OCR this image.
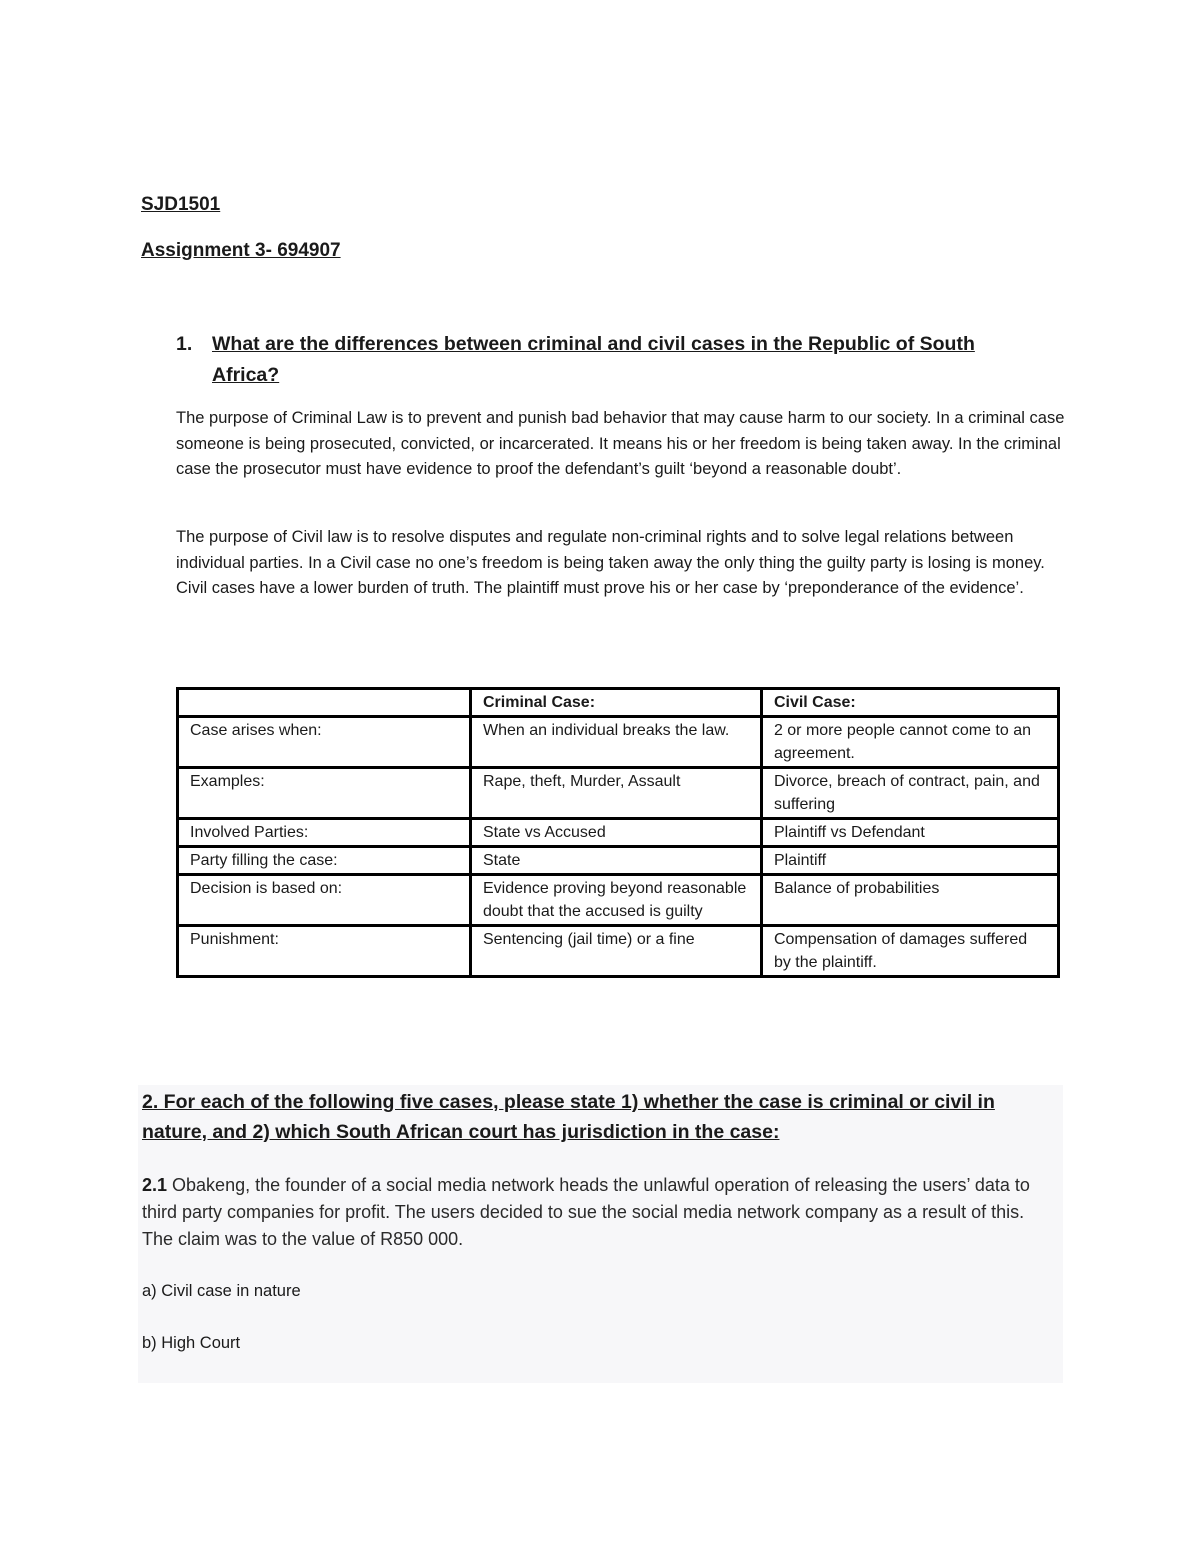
SJD1501

Assignment 3- 694907

1. What are the differences between criminal and civil cases in the Republic of South Africa?

The purpose of Criminal Law is to prevent and punish bad behavior that may cause harm to our society. In a criminal case someone is being prosecuted, convicted, or incarcerated. It means his or her freedom is being taken away. In the criminal case the prosecutor must have evidence to proof the defendant’s guilt ‘beyond a reasonable doubt’.

The purpose of Civil law is to resolve disputes and regulate non-criminal rights and to solve legal relations between individual parties. In a Civil case no one’s freedom is being taken away the only thing the guilty party is losing is money. Civil cases have a lower burden of truth. The plaintiff must prove his or her case by ‘preponderance of the evidence’.

	Criminal Case:	Civil Case:
Case arises when:	When an individual breaks the law.	2 or more people cannot come to an agreement.
Examples:	Rape, theft, Murder, Assault	Divorce, breach of contract, pain, and suffering
Involved Parties:	State vs Accused	Plaintiff vs Defendant
Party filling the case:	State	Plaintiff
Decision is based on:	Evidence proving beyond reasonable doubt that the accused is guilty	Balance of probabilities
Punishment:	Sentencing (jail time) or a fine	Compensation of damages suffered by the plaintiff.

2. For each of the following five cases, please state 1) whether the case is criminal or civil in nature, and 2) which South African court has jurisdiction in the case:

2.1 Obakeng, the founder of a social media network heads the unlawful operation of releasing the users’ data to third party companies for profit. The users decided to sue the social media network company as a result of this. The claim was to the value of R850 000.

a) Civil case in nature

b) High Court
